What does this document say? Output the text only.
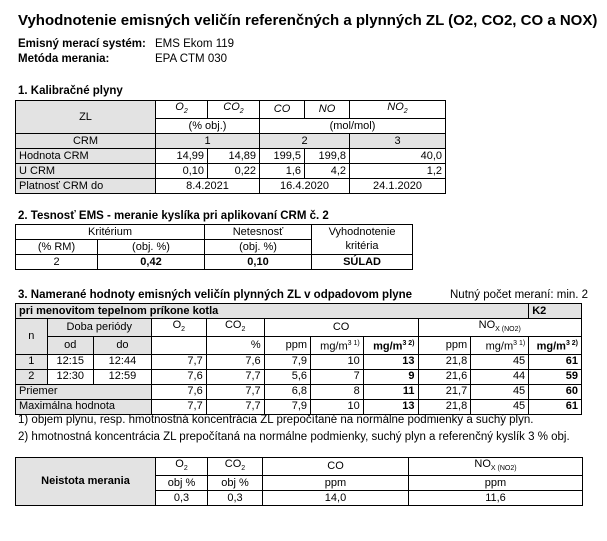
Vyhodnotenie emisných veličín referenčných a plynných ZL (O2, CO2, CO a NOX)
Emisný merací systém: EMS Ekom 119
Metóda merania:	EPA CTM 030
1. Kalibračné plyny
ZL	$O_2$	$CO_2$	CO	NO	$NO_2$
	(% obj.)		(mol/mol)		
CRM	1		2		3
Hodnota CRM	14,99	14,89	199,5	199,8	40,0
U CRM	0,10	0,22	1,6	4,2	1,2
Platnosť CRM do	8.4.2021		16.4.2020		24.1.2020
2. Tesnosť EMS - meranie kyslíka pri aplikovaní CRM č. 2
Kritérium		Netesnosť	Vyhodnotenie
(% RM)	(obj. %)	(obj. %)	kritéria
2	0,42	0,10	SÚLAD
3. Namerané hodnoty emisných veličín plynných ZL v odpadovom plyne	Nutný počet meraní: min. 2
pri menovitom tepelnom príkone kotla										K2
n	Doba periódy		$O_2$	$CO_2$	CO			$NO_{X (NO2)}$
	od	do		%	ppm	$mg/m^{3 1)}$	$mg/m^{3 2)}$	ppm	$mg/m^{3 1)}$	$mg/m^{3 2)}$
1	12:15	12:44	7,7	7,6	7,9	10	13	21,8	45	61
2	12:30	12:59	7,6	7,7	5,6	7	9	21,6	44	59
Priemer			7,6	7,7	6,8	8	11	21,7	45	60
Maximálna hodnota			7,7	7,7	7,9	10	13	21,8	45	61
1) objem plynu, resp. hmotnostná koncentrácia ZL prepočítané na normálne podmienky a suchý plyn.
2) hmotnostná koncentrácia ZL prepočítaná na normálne podmienky, suchý plyn a referenčný kyslík 3 % obj.
Neistota merania	$O_2$	$CO_2$	CO	$NO_{X (NO2)}$
	obj %	obj %	ppm	ppm
	0,3	0,3	14,0	11,6
